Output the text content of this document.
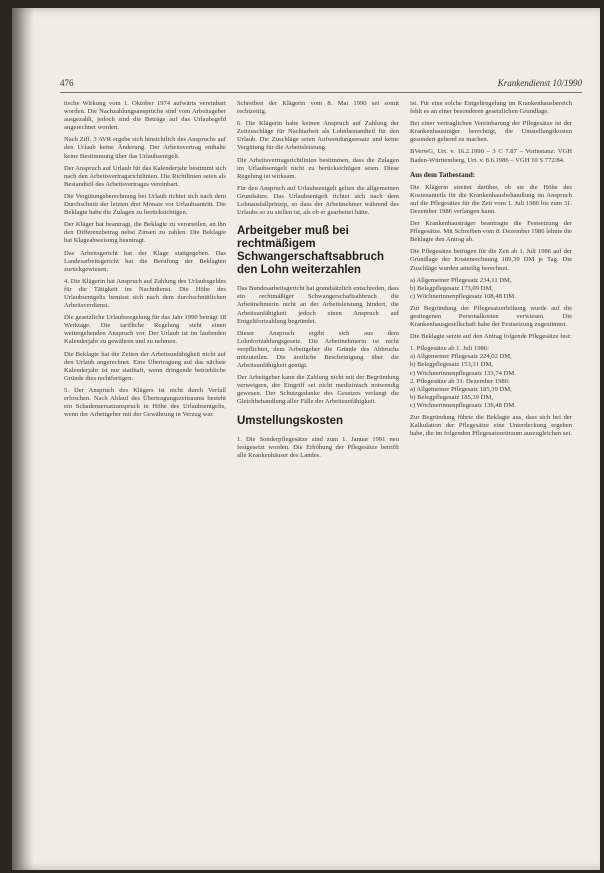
476	Krankendienst 10/1990

tische Wirkung vom 1. Oktober 1974 aufwärts vereinbart worden. Die Nachzahlungsansprüche sind vom Arbeitsgeber ausgezahlt, jedoch sind die Beträge auf das Urlaubsgeld angerechnet worden.

Nach Ziff. 3 AVR ergebe sich hinsichtlich des Anspruchs auf den Urlaub keine Änderung. Der Arbeitsvertrag enthalte keine Bestimmung über das Urlaubsentgelt.

Der Anspruch auf Urlaub für das Kalenderjahr bestimmt sich nach den Arbeitsvertragsrichtlinien. Die Richtlinien seien als Bestandteil des Arbeitsvertrages vereinbart.

Die Vergütungsberechnung bei Urlaub richtet sich nach dem Durchschnitt der letzten drei Monate vor Urlaubsantritt. Die Beklagte habe die Zulagen zu berücksichtigen.

Der Kläger hat beantragt, die Beklagte zu verurteilen, an ihn den Differenzbetrag nebst Zinsen zu zahlen. Die Beklagte hat Klageabweisung beantragt.

Das Arbeitsgericht hat der Klage stattgegeben. Das Landesarbeitsgericht hat die Berufung der Beklagten zurückgewiesen.

4. Die Klägerin hat Anspruch auf Zahlung des Urlaubsgeldes für die Tätigkeit im Nachtdienst. Die Höhe des Urlaubsentgelts bemisst sich nach dem durchschnittlichen Arbeitsverdienst.

Die gesetzliche Urlaubsregelung für das Jahr 1990 beträgt 18 Werktage. Die tarifliche Regelung sieht einen weitergehenden Anspruch vor. Der Urlaub ist im laufenden Kalenderjahr zu gewähren und zu nehmen.

Die Beklagte hat die Zeiten der Arbeitsunfähigkeit nicht auf den Urlaub angerechnet. Eine Übertragung auf das nächste Kalenderjahr ist nur statthaft, wenn dringende betriebliche Gründe dies rechtfertigen.

5. Der Anspruch des Klägers ist nicht durch Verfall erloschen. Nach Ablauf des Übertragungszeitraums besteht ein Schadensersatzanspruch in Höhe des Urlaubsentgelts, wenn der Arbeitgeber mit der Gewährung in Verzug war.

Schreiben der Klägerin vom 8. Mai 1990 sei somit rechtzeitig.

6. Die Klägerin habe keinen Anspruch auf Zahlung der Zeitzuschläge für Nachtarbeit als Lohnbestandteil für den Urlaub. Die Zuschläge seien Aufwendungsersatz und keine Vergütung für die Arbeitsleistung.

Die Arbeitsvertragsrichtlinien bestimmen, dass die Zulagen im Urlaubsentgelt nicht zu berücksichtigen seien. Diese Regelung ist wirksam.

Für den Anspruch auf Urlaubsentgelt gelten die allgemeinen Grundsätze. Das Urlaubsentgelt richtet sich nach dem Lohnausfallprinzip, so dass der Arbeitnehmer während des Urlaubs so zu stellen ist, als ob er gearbeitet hätte.

Arbeitgeber muß bei rechtmäßigem Schwangerschaftsabbruch den Lohn weiterzahlen

Das Bundesarbeitsgericht hat grundsätzlich entschieden, dass ein rechtmäßiger Schwangerschaftsabbruch die Arbeitnehmerin nicht an der Arbeitsleistung hindert, die Arbeitsunfähigkeit jedoch einen Anspruch auf Entgeltfortzahlung begründet.

Dieser Anspruch ergibt sich aus dem Lohnfortzahlungsgesetz. Die Arbeitnehmerin ist nicht verpflichtet, dem Arbeitgeber die Gründe des Abbruchs mitzuteilen. Die ärztliche Bescheinigung über die Arbeitsunfähigkeit genügt.

Der Arbeitgeber kann die Zahlung nicht mit der Begründung verweigern, der Eingriff sei nicht medizinisch notwendig gewesen. Der Schutzgedanke des Gesetzes verlangt die Gleichbehandlung aller Fälle der Arbeitsunfähigkeit.

Umstellungskosten

1. Die Sonderpflegesätze sind zum 1. Januar 1991 neu festgesetzt worden. Die Erhöhung der Pflegesätze betrifft alle Krankenhäuser des Landes.

ist. Für eine solche Entgeltregelung im Krankenhausbereich fehlt es an einer besonderen gesetzlichen Grundlage.

Bei einer vertraglichen Vereinbarung der Pflegesätze ist der Krankenhausträger berechtigt, die Umstellungskosten gesondert geltend zu machen.

BVerwG, Urt. v. 16.2.1990 – 3 C 7.87 – Vorinstanz: VGH Baden-Württemberg, Urt. v. 8.6.1986 – VGH 10 S 772/84.

Aus dem Tatbestand:

Die Klägerin streitet darüber, ob sie die Höhe des Kostenanteils für die Krankenhausbehandlung im Anspruch auf die Pflegesätze für die Zeit vom 1. Juli 1986 bis zum 31. Dezember 1986 verlangen kann.

Der Krankenhausträger beantragte die Festsetzung der Pflegesätze. Mit Schreiben vom 8. Dezember 1986 lehnte die Beklagte den Antrag ab.

Die Pflegesätze betrugen für die Zeit ab 1. Juli 1986 auf der Grundlage der Kostenrechnung 189,39 DM je Tag. Die Zuschläge wurden anteilig berechnet.

a) Allgemeiner Pflegesatz 234,11 DM,
b) Belegpflegesatz 173,09 DM,
c) Wöchnerinnenpflegesatz 108,48 DM.

Zur Begründung der Pflegesatzerhöhung wurde auf die gestiegenen Personalkosten verwiesen. Die Krankenhausgesellschaft habe der Festsetzung zugestimmt.

Die Beklagte setzte auf den Antrag folgende Pflegesätze fest:

1. Pflegesätze ab 1. Juli 1986:
a) Allgemeiner Pflegesatz 224,02 DM,
b) Belegpflegesatz 153,31 DM,
c) Wöchnerinnenpflegesatz 133,74 DM.
2. Pflegesätze ab 31. Dezember 1986:
a) Allgemeiner Pflegesatz 185,39 DM,
b) Belegpflegesatz 185,39 DM,
c) Wöchnerinnenpflegesatz 136,48 DM.

Zur Begründung führte die Beklagte aus, dass sich bei der Kalkulation der Pflegesätze eine Unterdeckung ergeben habe, die im folgenden Pflegesatzzeitraum auszugleichen sei.
